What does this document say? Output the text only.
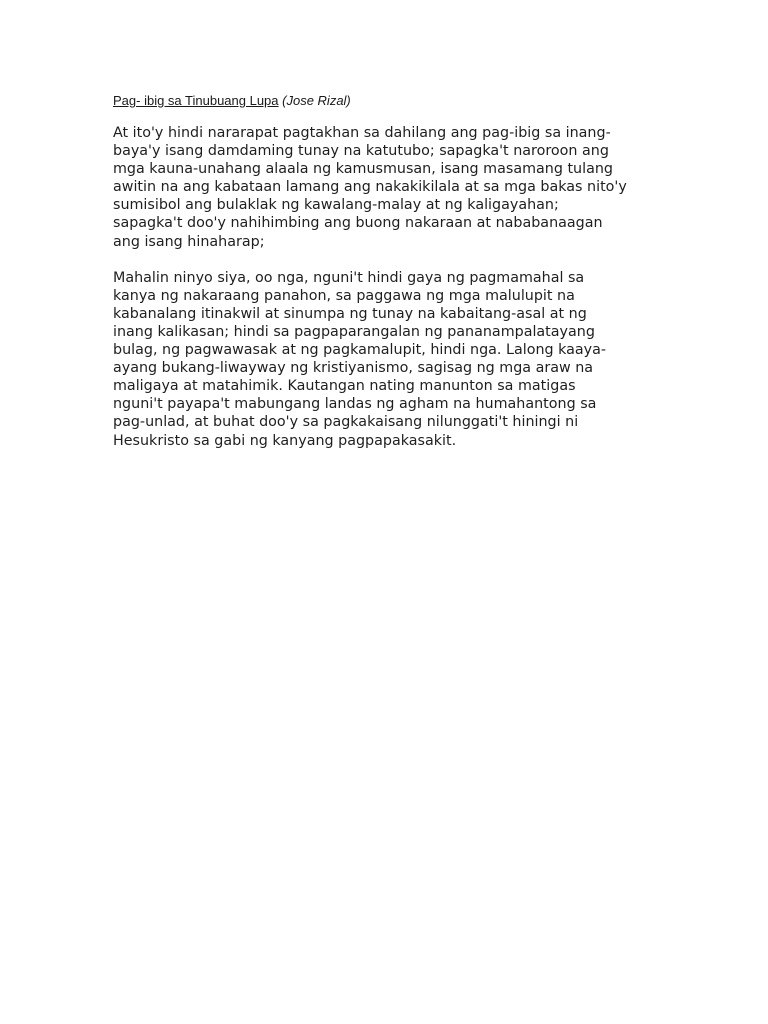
Pag- ibig sa Tinubuang Lupa (Jose Rizal)

At ito'y hindi nararapat pagtakhan sa dahilang ang pag-ibig sa inang-
baya'y isang damdaming tunay na katutubo; sapagka't naroroon ang
mga kauna-unahang alaala ng kamusmusan, isang masamang tulang
awitin na ang kabataan lamang ang nakakikilala at sa mga bakas nito'y
sumisibol ang bulaklak ng kawalang-malay at ng kaligayahan;
sapagka't doo'y nahihimbing ang buong nakaraan at nababanaagan
ang isang hinaharap;

Mahalin ninyo siya, oo nga, nguni't hindi gaya ng pagmamahal sa
kanya ng nakaraang panahon, sa paggawa ng mga malulupit na
kabanalang itinakwil at sinumpa ng tunay na kabaitang-asal at ng
inang kalikasan; hindi sa pagpaparangalan ng pananampalatayang
bulag, ng pagwawasak at ng pagkamalupit, hindi nga. Lalong kaaya-
ayang bukang-liwayway ng kristiyanismo, sagisag ng mga araw na
maligaya at matahimik. Kautangan nating manunton sa matigas
nguni't payapa't mabungang landas ng agham na humahantong sa
pag-unlad, at buhat doo'y sa pagkakaisang nilunggati't hiningi ni
Hesukristo sa gabi ng kanyang pagpapakasakit.
